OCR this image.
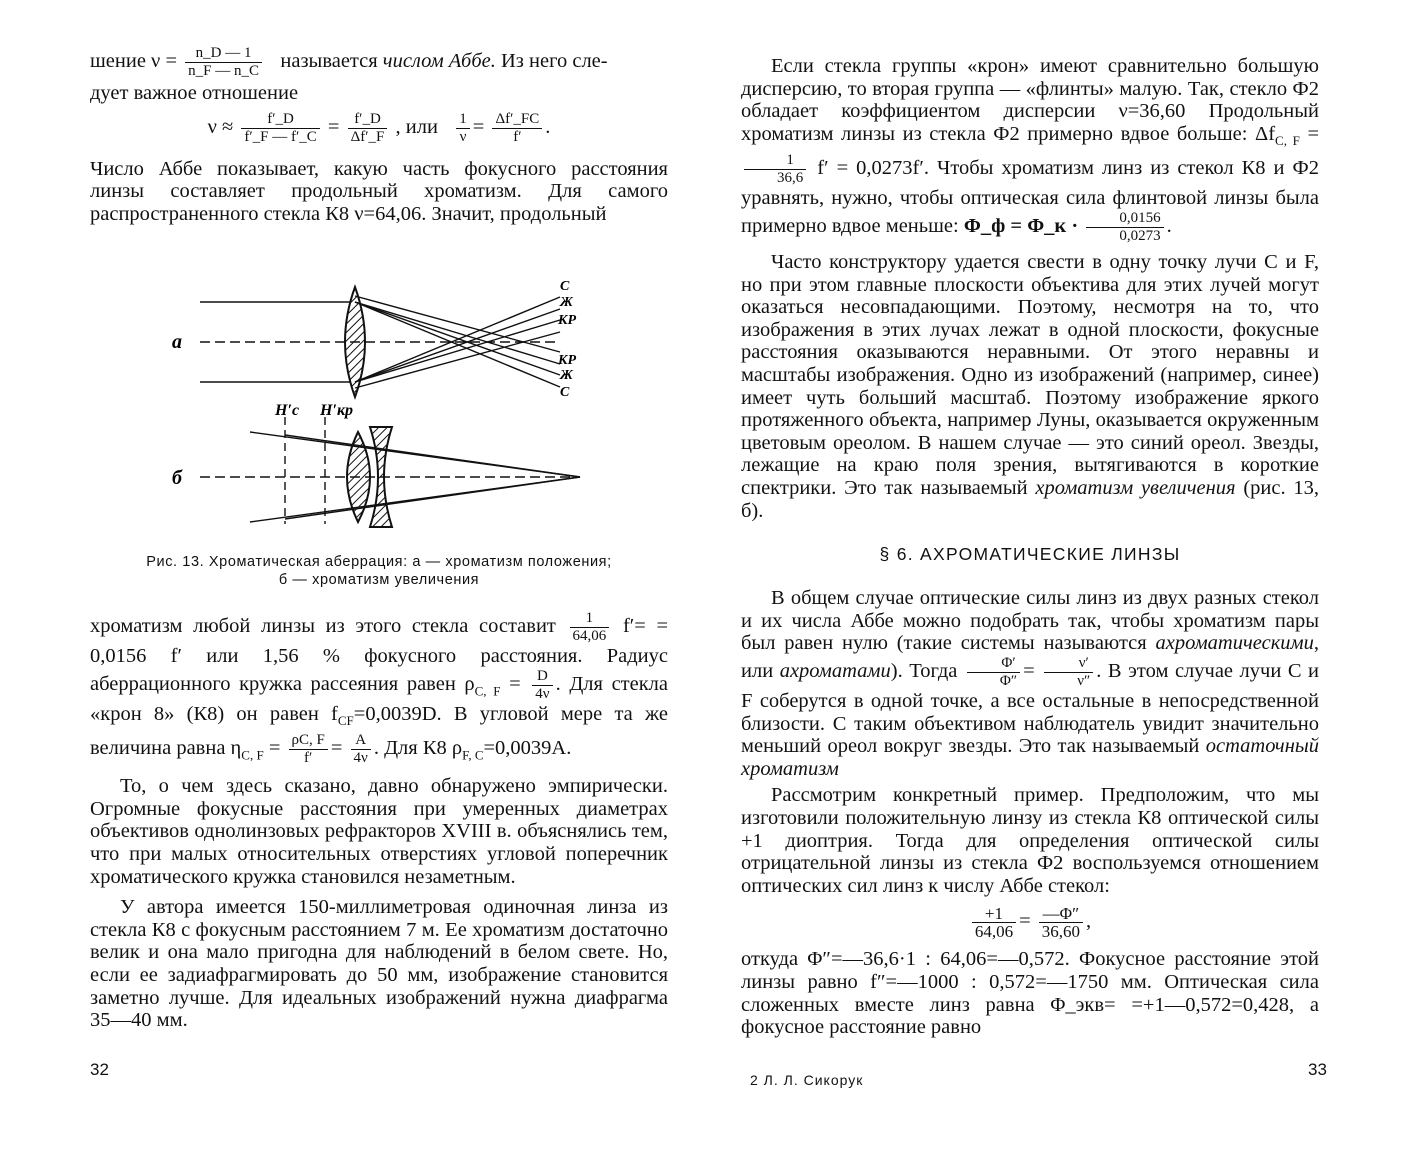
шение $\nu = \frac{n\_D — 1}{n\_F — n\_C}$ называется числом Аббе. Из него сле-

дует важное отношение

$\nu \approx \frac{f'\_D}{f'\_F — f'\_C} = \frac{f'\_D}{\Delta f'\_F}$ , или $\frac{1}{\nu} = \frac{\Delta f'\_FC}{f'}$ .

Число Аббе показывает, какую часть фокусного расстояния линзы составляет продольный хроматизм. Для самого распространенного стекла К8 ν=64,06. Значит, продольный

а
С
Ж
КР
КР
Ж
С
б
H′c H′кр
Рис. 13. Хроматическая аберрация: а — хроматизм положения;
б — хроматизм увеличения

хроматизм любой линзы из этого стекла составит $\frac{1}{64,06} f'= = 0,0156$ f′ или 1,56 % фокусного расстояния. Радиус аберрационного кружка рассеяния равен $\rho_{C, F} = \frac{D}{4\nu}$ . Для стекла «крон 8» (К8) он равен $f_{CF}=0,0039D$. В угловой мере та же величина равна $\eta_{C, F} = \frac{\rho C, F}{f'} = \frac{A}{4\nu}$ . Для К8 $\rho_{F, C}=0,0039A$.

То, о чем здесь сказано, давно обнаружено эмпирически. Огромные фокусные расстояния при умеренных диаметрах объективов однолинзовых рефракторов XVIII в. объяснялись тем, что при малых относительных отверстиях угловой поперечник хроматического кружка становился незаметным.

У автора имеется 150-миллиметровая одиночная линза из стекла К8 с фокусным расстоянием 7 м. Ее хроматизм достаточно велик и она мало пригодна для наблюдений в белом свете. Но, если ее задиафрагмировать до 50 мм, изображение становится заметно лучше. Для идеальных изображений нужна диафрагма 35—40 мм.

32

Если стекла группы «крон» имеют сравнительно большую дисперсию, то вторая группа — «флинты» малую. Так, стекло Ф2 обладает коэффициентом дисперсии ν=36,60 Продольный хроматизм линзы из стекла Ф2 примерно вдвое больше: $\Delta f_{C, F}$ =
$\frac{1}{36,6} f' = 0,0273f'$. Чтобы хроматизм линз из стекол К8 и Ф2 уравнять, нужно, чтобы оптическая сила флинтовой линзы была примерно вдвое меньше: Φ_ф = Φ_к · $\frac{0,0156}{0,0273}$ .

Часто конструктору удается свести в одну точку лучи С и F, но при этом главные плоскости объектива для этих лучей могут оказаться несовпадающими. Поэтому, несмотря на то, что изображения в этих лучах лежат в одной плоскости, фокусные расстояния оказываются неравными. От этого неравны и масштабы изображения. Одно из изображений (например, синее) имеет чуть больший масштаб. Поэтому изображение яркого протяженного объекта, например Луны, оказывается окруженным цветовым ореолом. В нашем случае — это синий ореол. Звезды, лежащие на краю поля зрения, вытягиваются в короткие спектрики. Это так называемый хроматизм увеличения (рис. 13, б).

§ 6. АХРОМАТИЧЕСКИЕ ЛИНЗЫ

В общем случае оптические силы линз из двух разных стекол и их числа Аббе можно подобрать так, чтобы хроматизм пары был равен нулю (такие системы называются ахроматическими, или ахроматами). Тогда $\frac{\Phi'}{\Phi''} = \frac{\nu'}{\nu''}$ . В этом случае лучи С и F соберутся в одной точке, а все остальные в непосредственной близости. С таким объективом наблюдатель увидит значительно меньший ореол вокруг звезды. Это так называемый остаточный хроматизм

Рассмотрим конкретный пример. Предположим, что мы изготовили положительную линзу из стекла К8 оптической силы +1 диоптрия. Тогда для определения оптической силы отрицательной линзы из стекла Ф2 воспользуемся отношением оптических сил линз к числу Аббе стекол:

$\frac{+1}{64,06} = \frac{—\Phi''}{36,60}$ ,

откуда Φ″=—36,6·1 : 64,06=—0,572. Фокусное расстояние этой линзы равно f″=—1000 : 0,572=—1750 мм. Оптическая сила сложенных вместе линз равна Φ_экв= =+1—0,572=0,428, а фокусное расстояние равно

2 Л. Л. Сикорук
33
